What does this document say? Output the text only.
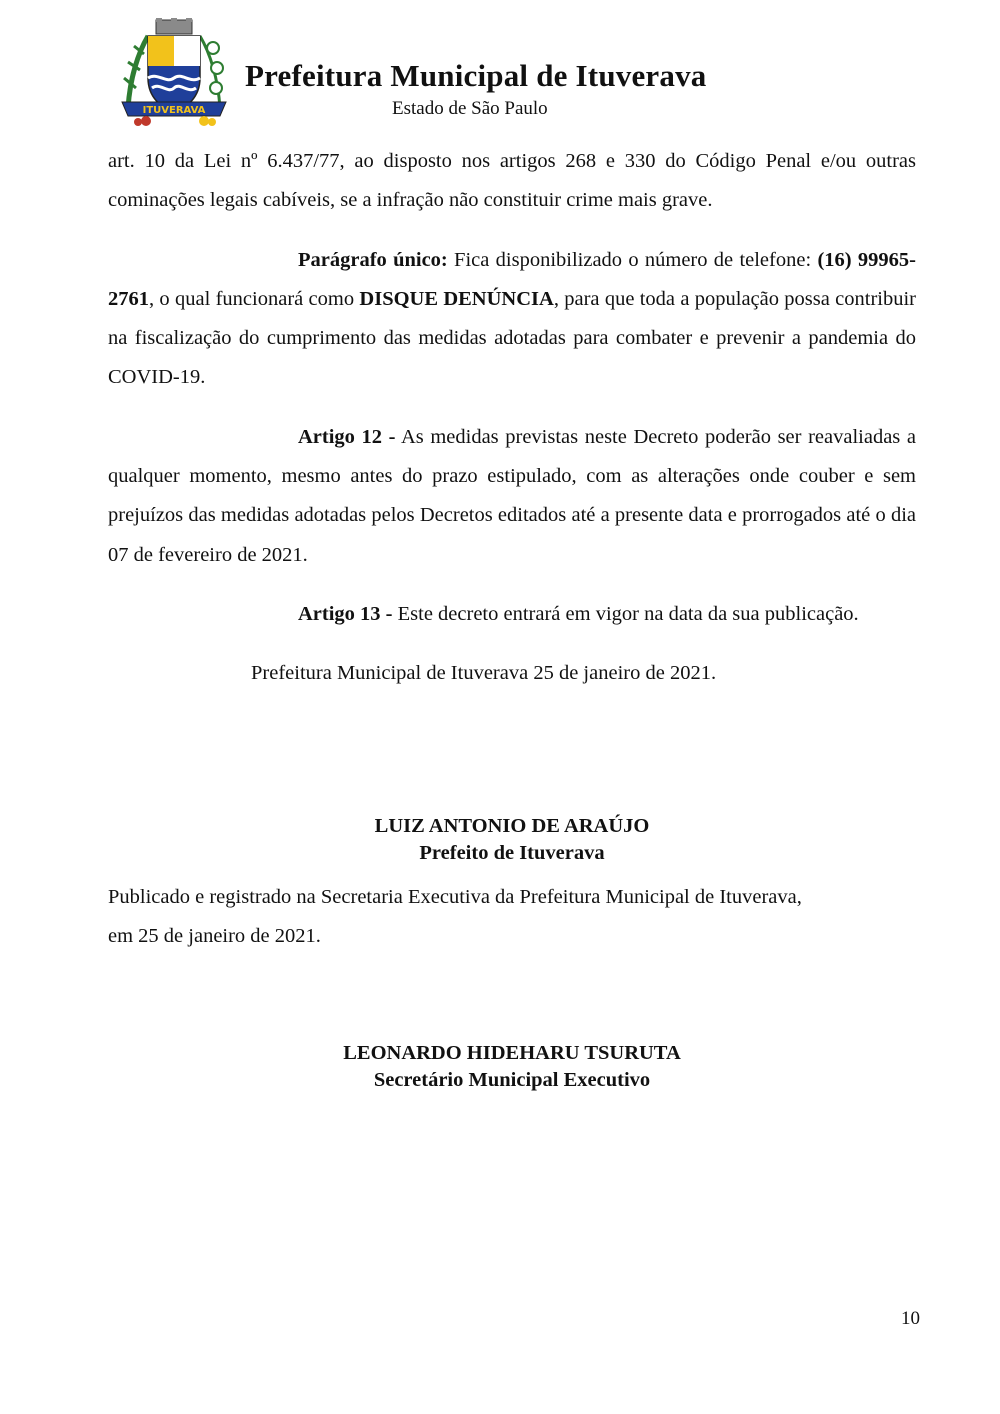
ITUVERAVA
Prefeitura Municipal de Ituverava
Estado de São Paulo

art. 10 da Lei nº 6.437/77, ao disposto nos artigos 268 e 330 do Código Penal e/ou outras cominações legais cabíveis, se a infração não constituir crime mais grave.

Parágrafo único: Fica disponibilizado o número de telefone: (16) 99965-2761, o qual funcionará como DISQUE DENÚNCIA, para que toda a população possa contribuir na fiscalização do cumprimento das medidas adotadas para combater e prevenir a pandemia do COVID-19.

Artigo 12 - As medidas previstas neste Decreto poderão ser reavaliadas a qualquer momento, mesmo antes do prazo estipulado, com as alterações onde couber e sem prejuízos das medidas adotadas pelos Decretos editados até a presente data e prorrogados até o dia 07 de fevereiro de 2021.

Artigo 13 - Este decreto entrará em vigor na data da sua publicação.

Prefeitura Municipal de Ituverava 25 de janeiro de 2021.

LUIZ ANTONIO DE ARAÚJO
Prefeito de Ituverava

Publicado e registrado na Secretaria Executiva da Prefeitura Municipal de Ituverava,

em 25 de janeiro de 2021.

LEONARDO HIDEHARU TSURUTA
Secretário Municipal Executivo
10
